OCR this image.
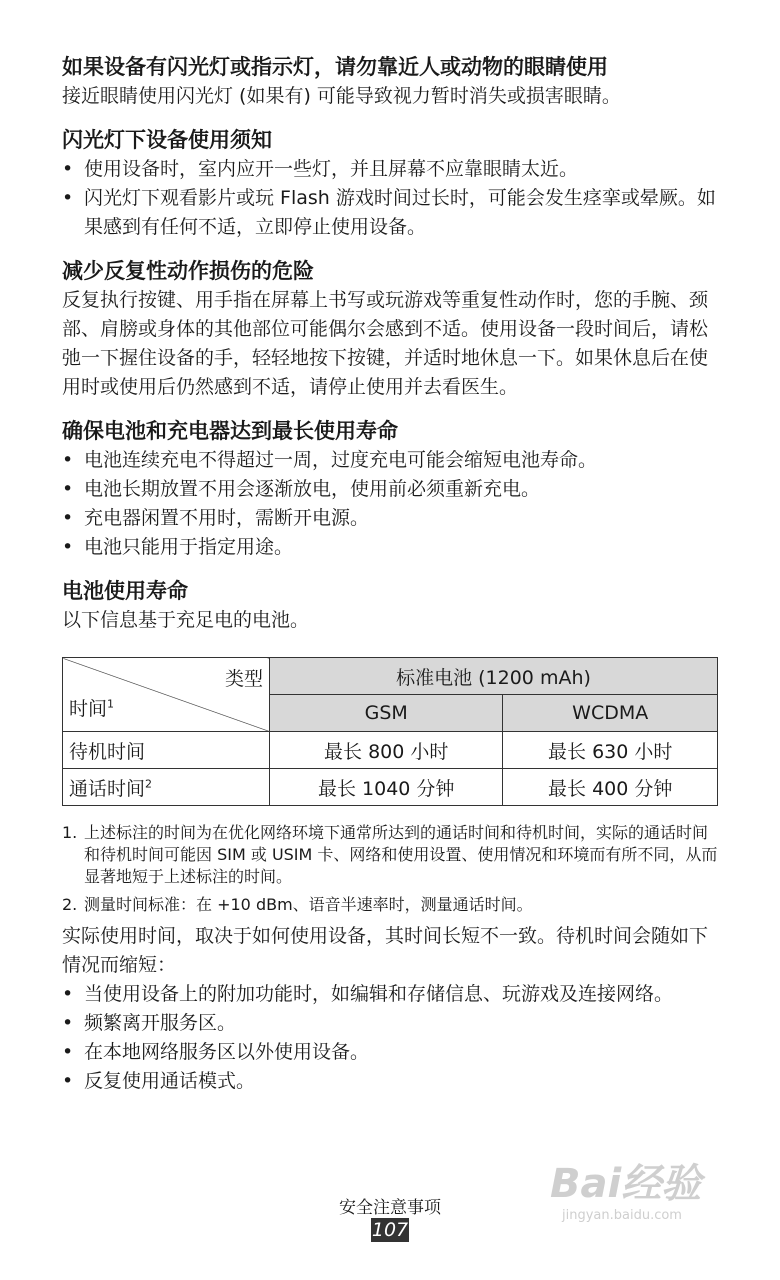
如果设备有闪光灯或指示灯，请勿靠近人或动物的眼睛使用

接近眼睛使用闪光灯 (如果有) 可能导致视力暂时消失或损害眼睛。

闪光灯下设备使用须知
• 使用设备时，室内应开一些灯，并且屏幕不应靠眼睛太近。
• 闪光灯下观看影片或玩 Flash 游戏时间过长时，可能会发生痉挛或晕厥。如果感到有任何不适，立即停止使用设备。
减少反复性动作损伤的危险

反复执行按键、用手指在屏幕上书写或玩游戏等重复性动作时，您的手腕、颈部、肩膀或身体的其他部位可能偶尔会感到不适。使用设备一段时间后，请松弛一下握住设备的手，轻轻地按下按键，并适时地休息一下。如果休息后在使用时或使用后仍然感到不适，请停止使用并去看医生。

确保电池和充电器达到最长使用寿命
• 电池连续充电不得超过一周，过度充电可能会缩短电池寿命。
• 电池长期放置不用会逐渐放电，使用前必须重新充电。
• 充电器闲置不用时，需断开电源。
• 电池只能用于指定用途。
电池使用寿命

以下信息基于充足电的电池。

类型
时间$^1$	标准电池 (1200 mAh)	
	GSM	WCDMA
待机时间	最长 800 小时	最长 630 小时
通话时间$^2$	最长 1040 分钟	最长 400 分钟
1. 上述标注的时间为在优化网络环境下通常所达到的通话时间和待机时间，实际的通话时间和待机时间可能因 SIM 或 USIM 卡、网络和使用设置、使用情况和环境而有所不同，从而显著地短于上述标注的时间。
2. 测量时间标准：在 +10 dBm、语音半速率时，测量通话时间。

实际使用时间，取决于如何使用设备，其时间长短不一致。待机时间会随如下情况而缩短：

• 当使用设备上的附加功能时，如编辑和存储信息、玩游戏及连接网络。
• 频繁离开服务区。
• 在本地网络服务区以外使用设备。
• 反复使用通话模式。
Bai经验
jingyan.baidu.com
安全注意事项
107
